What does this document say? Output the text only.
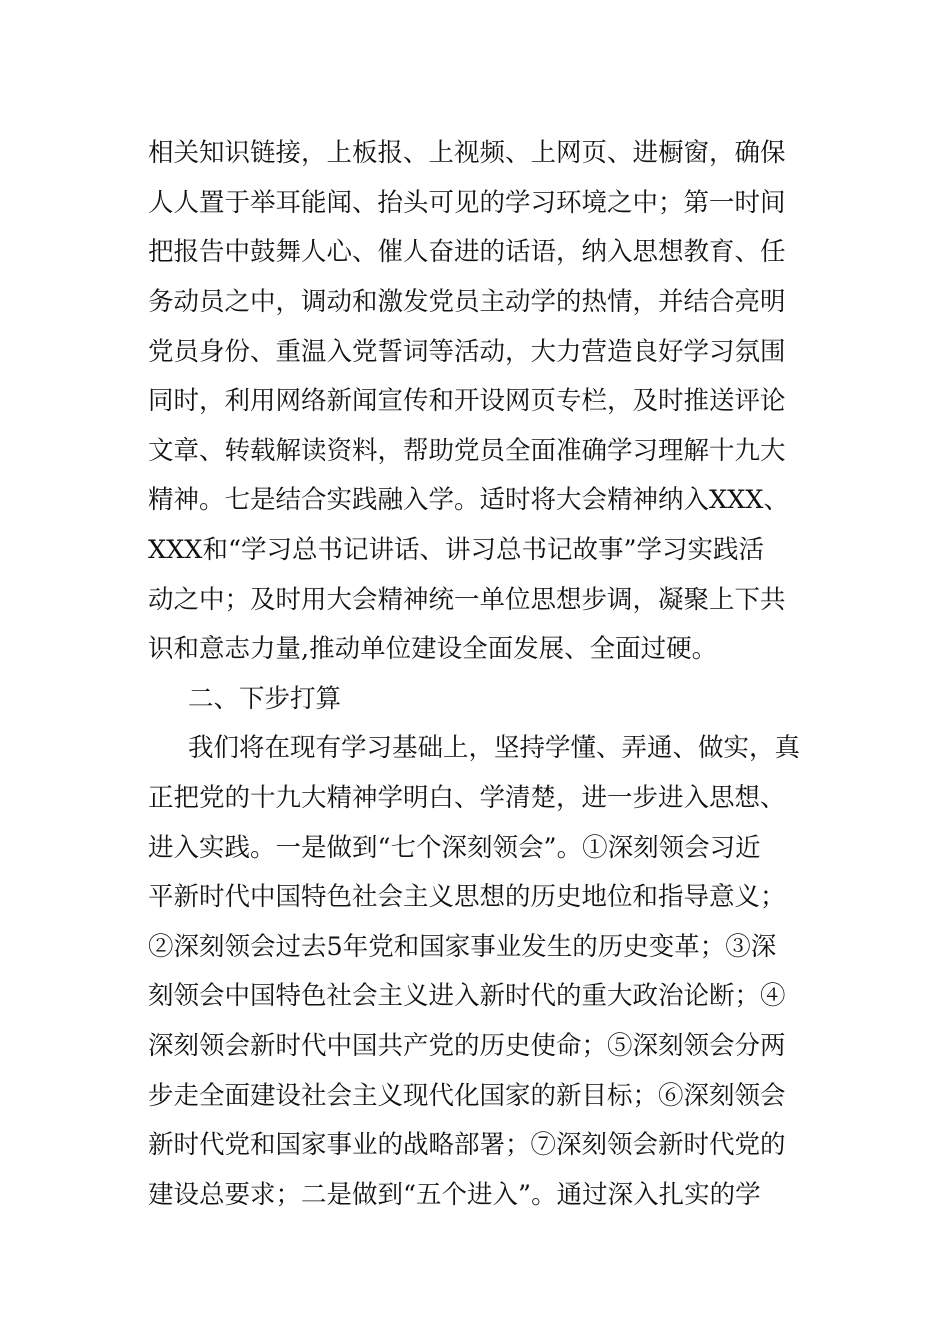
相关知识链接，上板报、上视频、上网页、进橱窗，确保
人人置于举耳能闻、抬头可见的学习环境之中；第一时间
把报告中鼓舞人心、催人奋进的话语，纳入思想教育、任
务动员之中，调动和激发党员主动学的热情，并结合亮明
党员身份、重温入党誓词等活动，大力营造良好学习氛围
同时，利用网络新闻宣传和开设网页专栏，及时推送评论
文章、转载解读资料，帮助党员全面准确学习理解十九大
精神。七是结合实践融入学。适时将大会精神纳入XXX、
XXX和“学习总书记讲话、讲习总书记故事”学习实践活
动之中；及时用大会精神统一单位思想步调，凝聚上下共
识和意志力量,推动单位建设全面发展、全面过硬。
二、下步打算
我们将在现有学习基础上，坚持学懂、弄通、做实，真
正把党的十九大精神学明白、学清楚，进一步进入思想、
进入实践。一是做到“七个深刻领会”。①深刻领会习近
平新时代中国特色社会主义思想的历史地位和指导意义；
②深刻领会过去5年党和国家事业发生的历史变革；③深
刻领会中国特色社会主义进入新时代的重大政治论断；④
深刻领会新时代中国共产党的历史使命；⑤深刻领会分两
步走全面建设社会主义现代化国家的新目标；⑥深刻领会
新时代党和国家事业的战略部署；⑦深刻领会新时代党的
建设总要求；二是做到“五个进入”。通过深入扎实的学
